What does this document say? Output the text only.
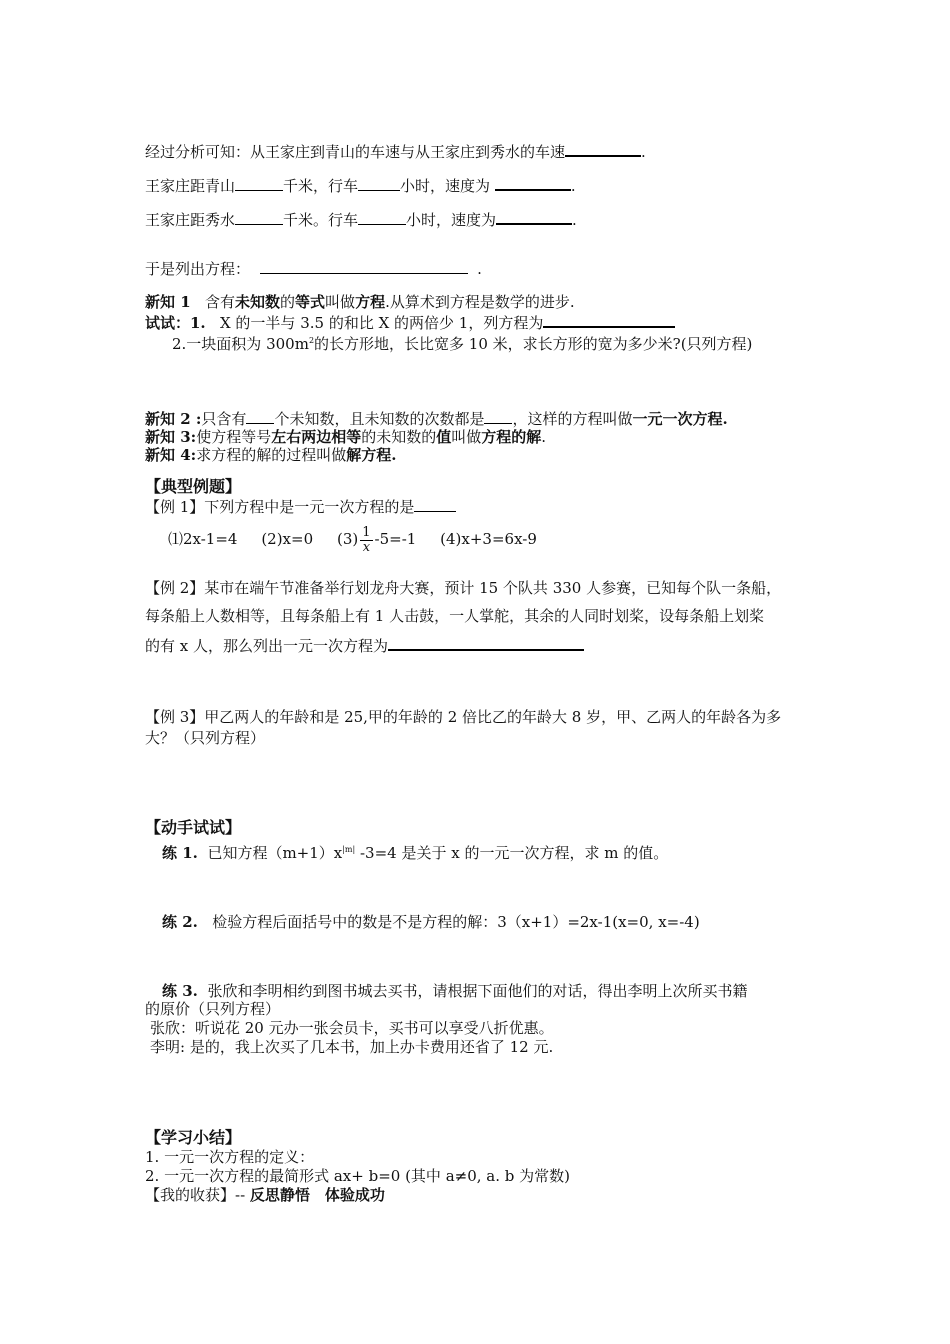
经过分析可知：从王家庄到青山的车速与从王家庄到秀水的车速	.
王家庄距青山	千米，行车	小时，速度为	.
王家庄距秀水	千米。行车	小时，速度为	.
于是列出方程：	.
新知 1 含有未知数的等式叫做方程.从算术到方程是数学的进步.
试试：1. X 的一半与 3.5 的和比 X 的两倍少 1，列方程为
2.一块面积为 $300m^2$的长方形地，长比宽多 10 米，求长方形的宽为多少米?(只列方程)
新知 2 :只含有 个未知数，且未知数的次数都是 ，这样的方程叫做一元一次方程.
新知 3:使方程等号左右两边相等的未知数的值叫做方程的解.
新知 4:求方程的解的过程叫做解方程.
【典型例题】
【例 1】下列方程中是一元一次方程的是
⑴2x-1=4 (2)x=0 $(3) \frac{1}{x} -5=-1$ (4)x+3=6x-9
【例 2】某市在端午节准备举行划龙舟大赛，预计 15 个队共 330 人参赛，已知每个队一条船，
每条船上人数相等，且每条船上有 1 人击鼓，一人掌舵，其余的人同时划桨，设每条船上划桨
的有 x 人，那么列出一元一次方程为
【例 3】甲乙两人的年龄和是 25,甲的年龄的 2 倍比乙的年龄大 8 岁，甲、乙两人的年龄各为多
大？（只列方程）
【动手试试】
练 1. 已知方程$(m+1)x^{|m|}$ -3=4 是关于 x 的一元一次方程，求 m 的值。
练 2. 检验方程后面括号中的数是不是方程的解：3（x+1）=2x-1(x=0, x=-4)
练 3. 张欣和李明相约到图书城去买书，请根据下面他们的对话，得出李明上次所买书籍
的原价（只列方程）
张欣：听说花 20 元办一张会员卡，买书可以享受八折优惠。
李明: 是的，我上次买了几本书，加上办卡费用还省了 12 元.
【学习小结】
1. 一元一次方程的定义：
2. 一元一次方程的最简形式 ax+ b=0 (其中 a≠0, a. b 为常数)
【我的收获】-- 反思静悟　体验成功
